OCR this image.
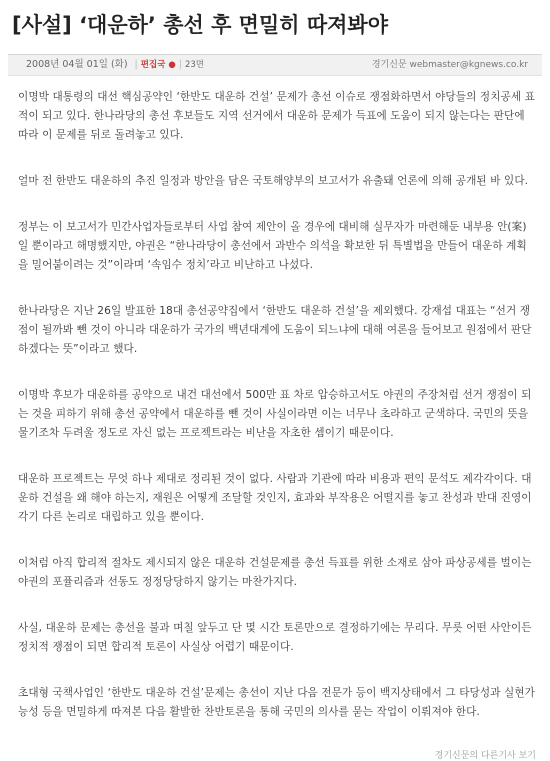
[사설] ‘대운하’ 총선 후 면밀히 따져봐야
2008년 04월 01일 (화) | 편집국 ● | 23면	경기신문 webmaster@kgnews.co.kr

이명박 대통령의 대선 핵심공약인 ‘한반도 대운하 건설’ 문제가 총선 이슈로 쟁점화하면서 야당들의 정치공세 표적이 되고 있다. 한나라당의 총선 후보들도 지역 선거에서 대운하 문제가 득표에 도움이 되지 않는다는 판단에 따라 이 문제를 뒤로 돌려놓고 있다.

얼마 전 한반도 대운하의 추진 일정과 방안을 담은 국토해양부의 보고서가 유출돼 언론에 의해 공개된 바 있다.

정부는 이 보고서가 민간사업자들로부터 사업 참여 제안이 올 경우에 대비해 실무자가 마련해둔 내부용 안(案)일 뿐이라고 해명했지만, 야권은 “한나라당이 총선에서 과반수 의석을 확보한 뒤 특별법을 만들어 대운하 계획을 밀어붙이려는 것”이라며 ‘속임수 정치’라고 비난하고 나섰다.

한나라당은 지난 26일 발표한 18대 총선공약집에서 ‘한반도 대운하 건설’을 제외했다. 강재섭 대표는 “선거 쟁점이 될까봐 뺀 것이 아니라 대운하가 국가의 백년대계에 도움이 되느냐에 대해 여론을 들어보고 원점에서 판단하겠다는 뜻”이라고 했다.

이명박 후보가 대운하를 공약으로 내건 대선에서 500만 표 차로 압승하고서도 야권의 주장처럼 선거 쟁점이 되는 것을 피하기 위해 총선 공약에서 대운하를 뺀 것이 사실이라면 이는 너무나 초라하고 군색하다. 국민의 뜻을 물기조차 두려울 정도로 자신 없는 프로젝트라는 비난을 자초한 셈이기 때문이다.

대운하 프로젝트는 무엇 하나 제대로 정리된 것이 없다. 사람과 기관에 따라 비용과 편익 문석도 제각각이다. 대운하 건설을 왜 해야 하는지, 재원은 어떻게 조달할 것인지, 효과와 부작용은 어떨지를 놓고 찬성과 반대 진영이 각기 다른 논리로 대립하고 있을 뿐이다.

이처럼 아직 합리적 절차도 제시되지 않은 대운하 건설문제를 총선 득표를 위한 소재로 삼아 파상공세를 벌이는 야권의 포퓰리즘과 선동도 정정당당하지 않기는 마찬가지다.

사실, 대운하 문제는 총선을 불과 며칠 앞두고 단 몇 시간 토론만으로 결정하기에는 무리다. 무릇 어떤 사안이든 정치적 쟁점이 되면 합리적 토론이 사실상 어렵기 때문이다.

초대형 국책사업인 ‘한반도 대운하 건설’문제는 총선이 지난 다음 전문가 등이 백지상태에서 그 타당성과 실현가능성 등을 면밀하게 따져본 다음 활발한 찬반토론을 통해 국민의 의사를 묻는 작업이 이뤄져야 한다.

경기신문의 다른기사 보기
